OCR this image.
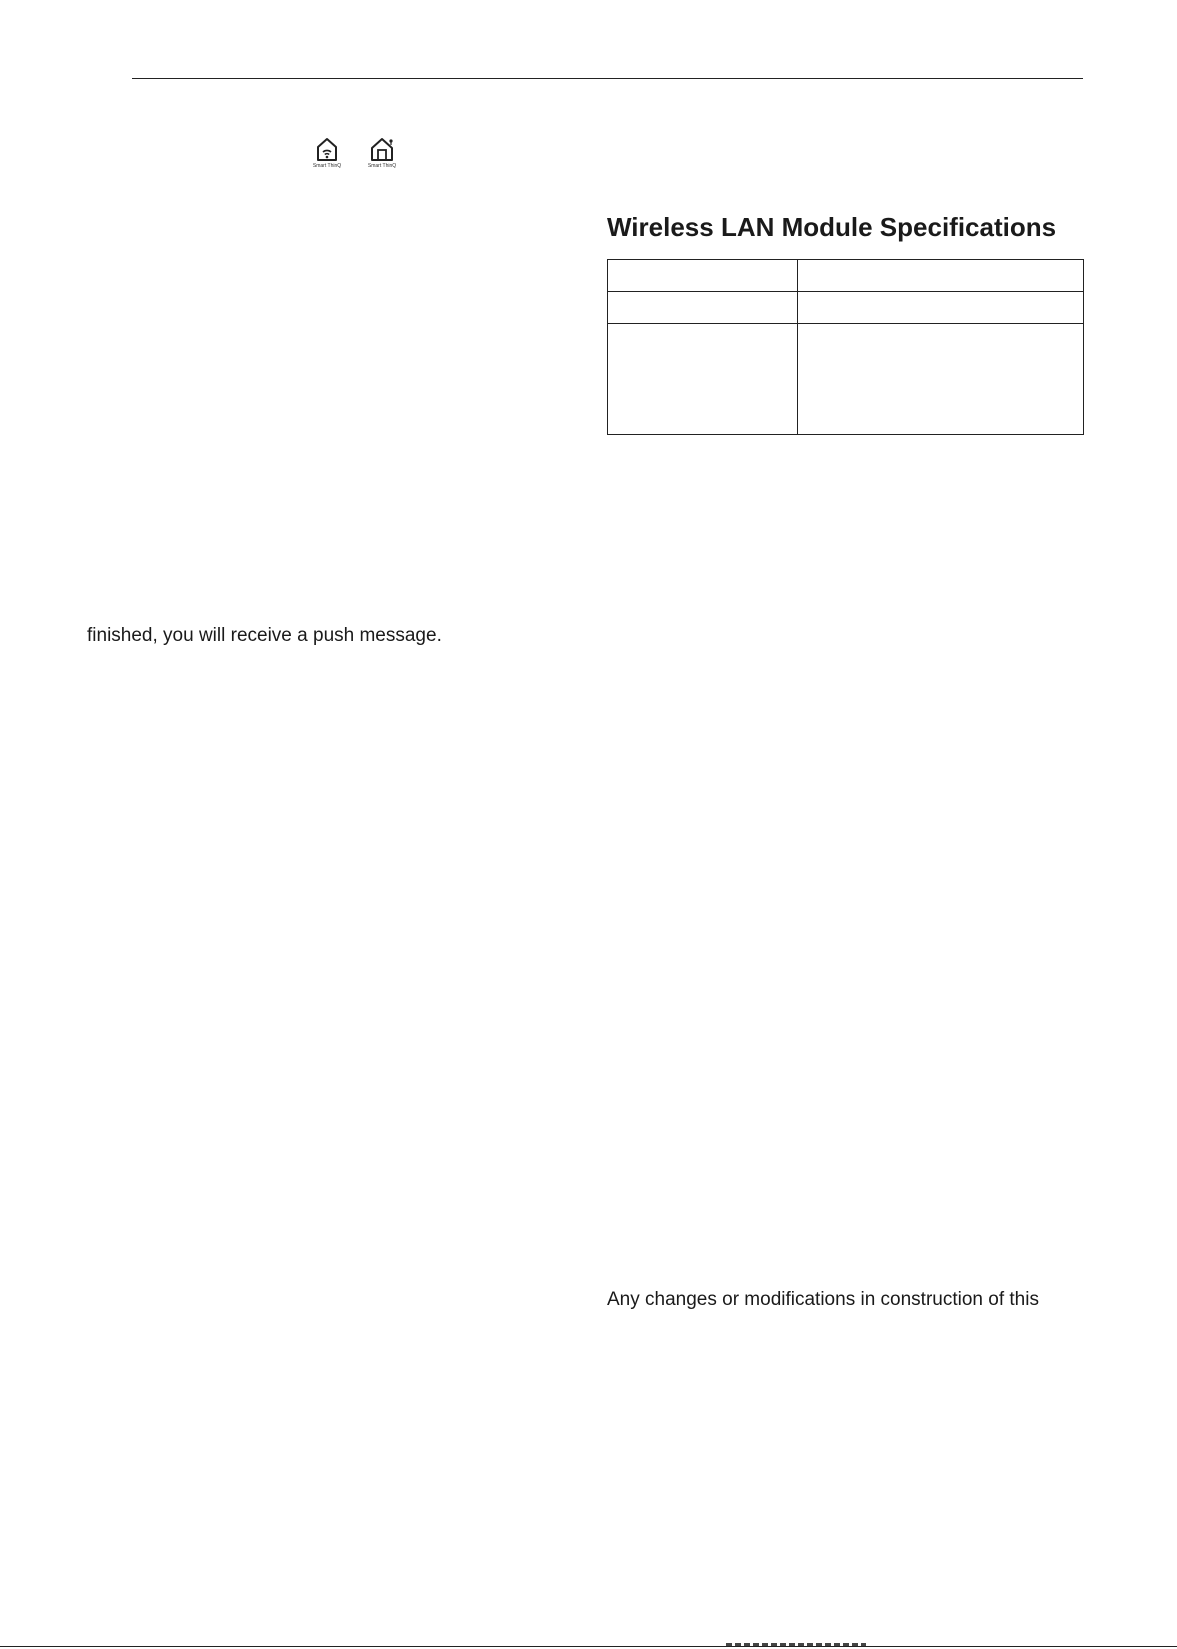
Smart ThinQ	Smart ThinQ
Wireless LAN Module Specifications

finished, you will receive a push message.

Any changes or modifications in construction of this
